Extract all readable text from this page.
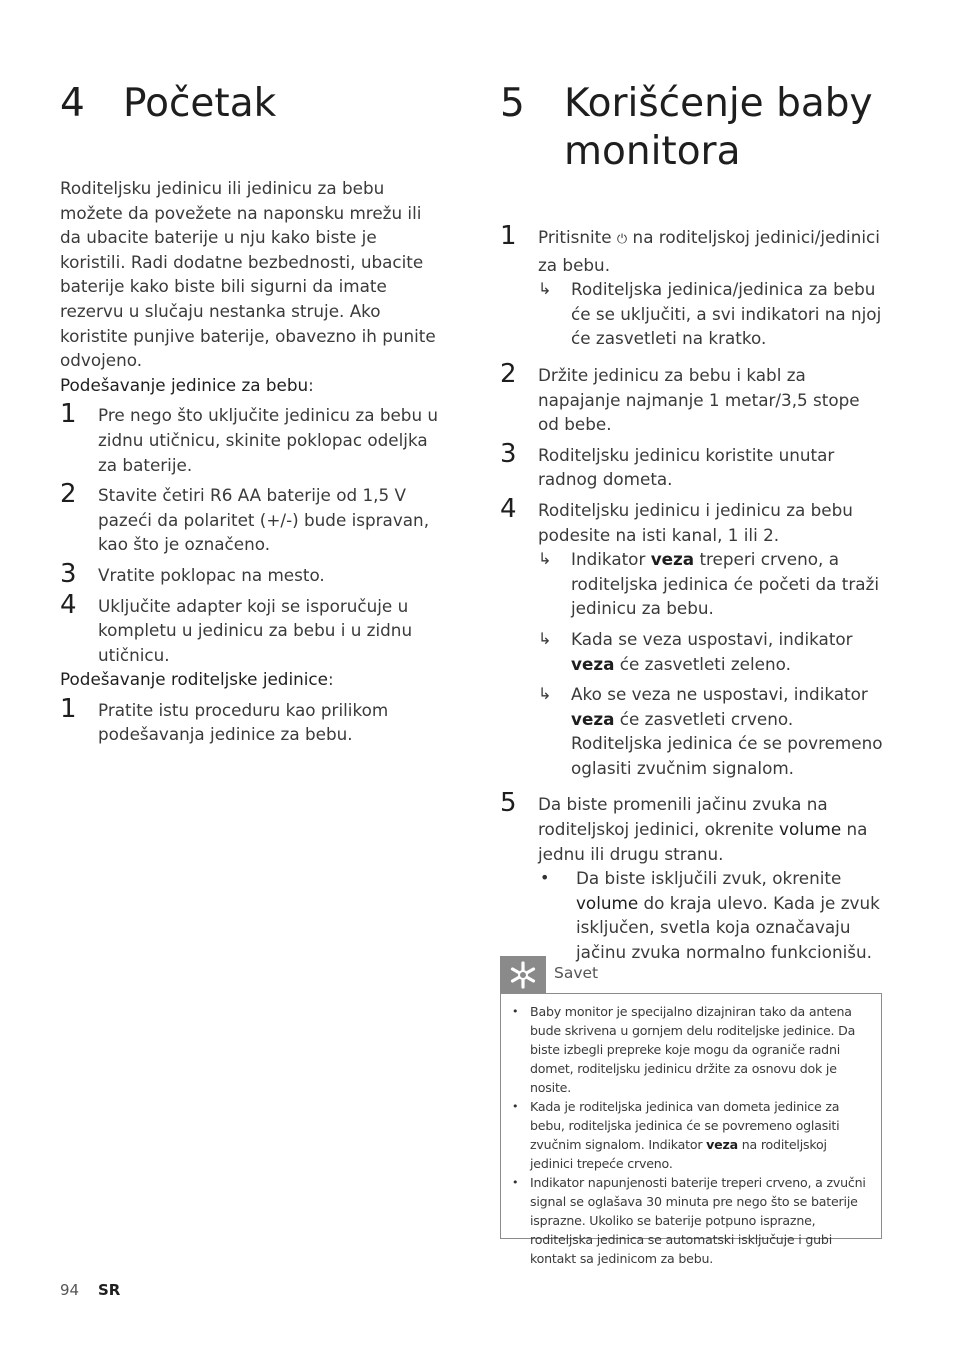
4 Početak

Roditeljsku jedinicu ili jedinicu za bebu možete da povežete na naponsku mrežu ili da ubacite baterije u nju kako biste je koristili. Radi dodatne bezbednosti, ubacite baterije kako biste bili sigurni da imate rezervu u slučaju nestanka struje. Ako koristite punjive baterije, obavezno ih punite odvojeno.

Podešavanje jedinice za bebu:

1 Pre nego što uključite jedinicu za bebu u zidnu utičnicu, skinite poklopac odeljka za baterije.

2 Stavite četiri R6 AA baterije od 1,5 V pazeći da polaritet (+/-) bude ispravan, kao što je označeno.

3 Vratite poklopac na mesto.

4 Uključite adapter koji se isporučuje u kompletu u jedinicu za bebu i u zidnu utičnicu.

Podešavanje roditeljske jedinice:

1 Pratite istu proceduru kao prilikom podešavanja jedinice za bebu.

5	Korišćenje baby
monitora
1 Pritisnite ⏻ na roditeljskoj jedinici/jedinici za bebu.

↳ Roditeljska jedinica/jedinica za bebu će se uključiti, a svi indikatori na njoj će zasvetleti na kratko.

2 Držite jedinicu za bebu i kabl za napajanje najmanje 1 metar/3,5 stope od bebe.

3 Roditeljsku jedinicu koristite unutar radnog dometa.

4 Roditeljsku jedinicu i jedinicu za bebu podesite na isti kanal, 1 ili 2.

↳ Indikator veza treperi crveno, a roditeljska jedinica će početi da traži jedinicu za bebu.

↳ Kada se veza uspostavi, indikator veza će zasvetleti zeleno.

↳ Ako se veza ne uspostavi, indikator veza će zasvetleti crveno. Roditeljska jedinica će se povremeno oglasiti zvučnim signalom.

5 Da biste promenili jačinu zvuka na roditeljskoj jedinici, okrenite volume na jednu ili drugu stranu.

• Da biste isključili zvuk, okrenite volume do kraja ulevo. Kada je zvuk isključen, svetla koja označavaju jačinu zvuka normalno funkcionišu.

Savet
• Baby monitor je specijalno dizajniran tako da antena bude skrivena u gornjem delu roditeljske jedinice. Da biste izbegli prepreke koje mogu da ograniče radni domet, roditeljsku jedinicu držite za osnovu dok je nosite.

• Kada je roditeljska jedinica van dometa jedinice za bebu, roditeljska jedinica će se povremeno oglasiti zvučnim signalom. Indikator veza na roditeljskoj jedinici trepeće crveno.

• Indikator napunjenosti baterije treperi crveno, a zvučni signal se oglašava 30 minuta pre nego što se baterije isprazne. Ukoliko se baterije potpuno isprazne, roditeljska jedinica se automatski isključuje i gubi kontakt sa jedinicom za bebu.

94 SR
